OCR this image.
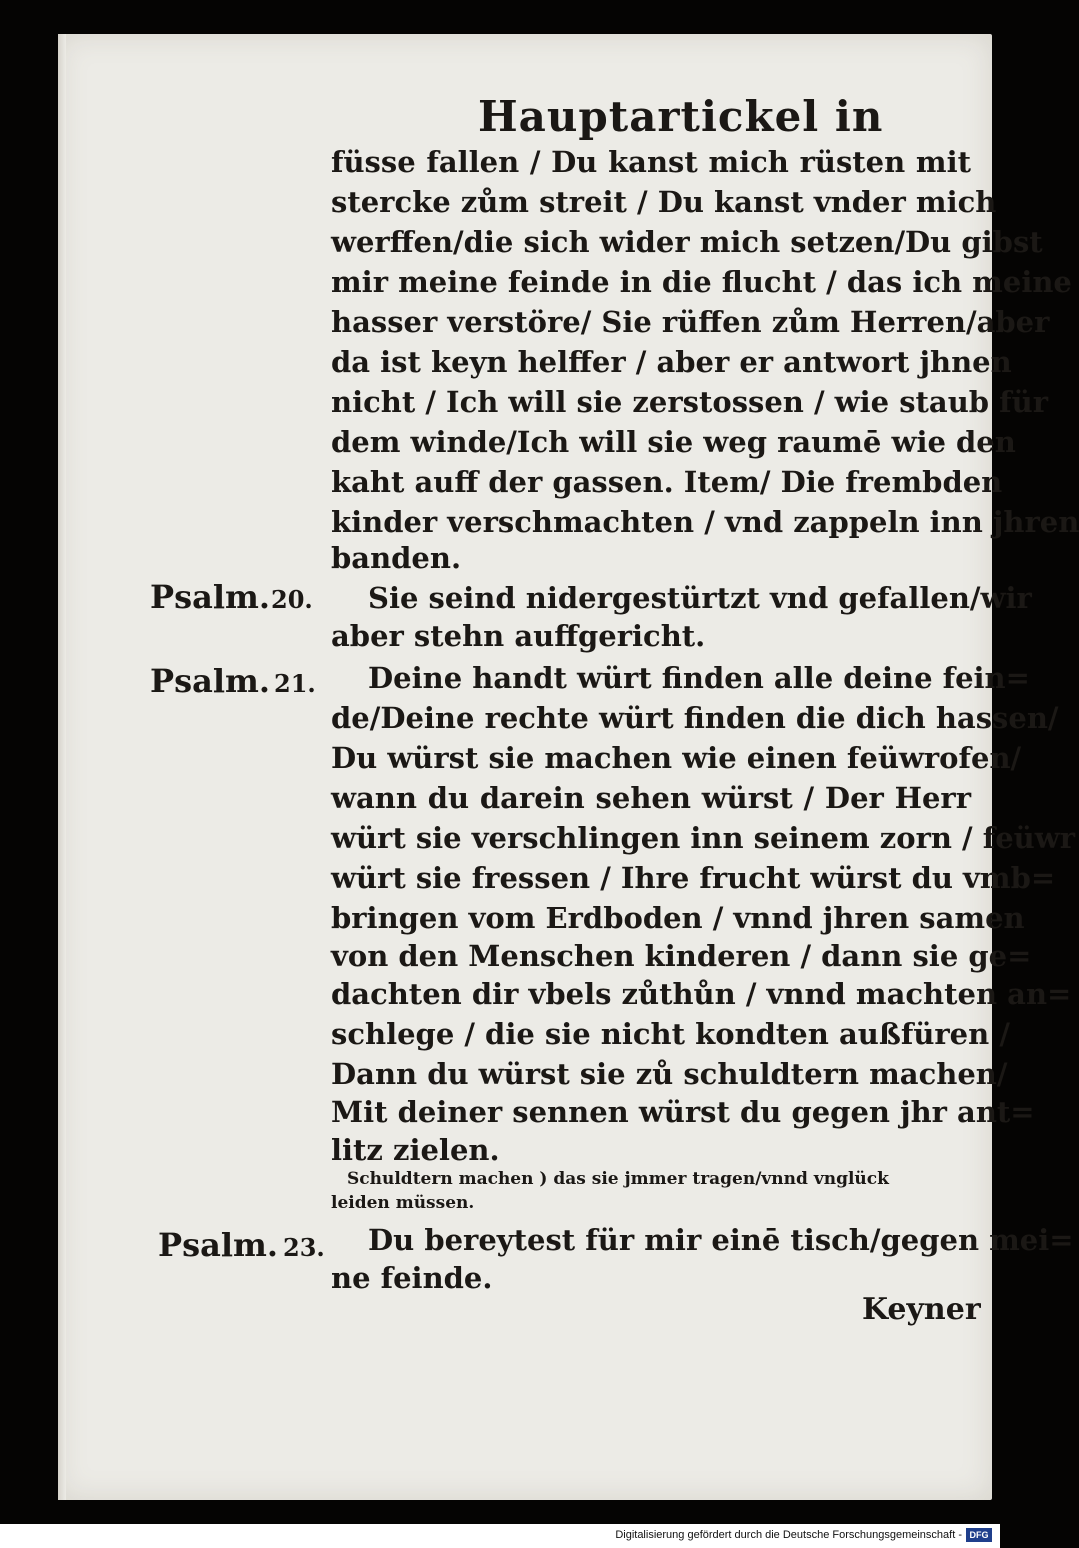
Hauptartickel in
füsse fallen / Du kanst mich rüsten mit
stercke zům streit / Du kanst vnder mich
werffen/die sich wider mich setzen/Du gibst
mir meine feinde in die flucht / das ich meine
hasser verstöre/ Sie rüffen zům Herren/aber
da ist keyn helffer / aber er antwort jhnen
nicht / Ich will sie zerstossen / wie staub für
dem winde/Ich will sie weg raumē wie den
kaht auff der gassen. Item/ Die frembden
kinder verschmachten / vnd zappeln inn jhren
banden.
Psalm. 20. Sie seind nidergestürtzt vnd gefallen/wir
aber stehn auffgericht.
Psalm. 21. Deine handt würt finden alle deine fein=
de/Deine rechte würt finden die dich hassen/
Du würst sie machen wie einen feüwrofen/
wann du darein sehen würst / Der Herr
würt sie verschlingen inn seinem zorn / feüwr
würt sie fressen / Ihre frucht würst du vmb=
bringen vom Erdboden / vnnd jhren samen
von den Menschen kinderen / dann sie ge=
dachten dir vbels zůthůn / vnnd machten an=
schlege / die sie nicht kondten außfüren /
Dann du würst sie zů schuldtern machen/
Mit deiner sennen würst du gegen jhr ant=
litz zielen.
Schuldtern machen ) das sie jmmer tragen/vnnd vnglück
leiden müssen.
Psalm. 23. Du bereytest für mir einē tisch/gegen mei=
ne feinde.
Keyner
Digitalisierung gefördert durch die Deutsche Forschungsgemeinschaft - DFG
